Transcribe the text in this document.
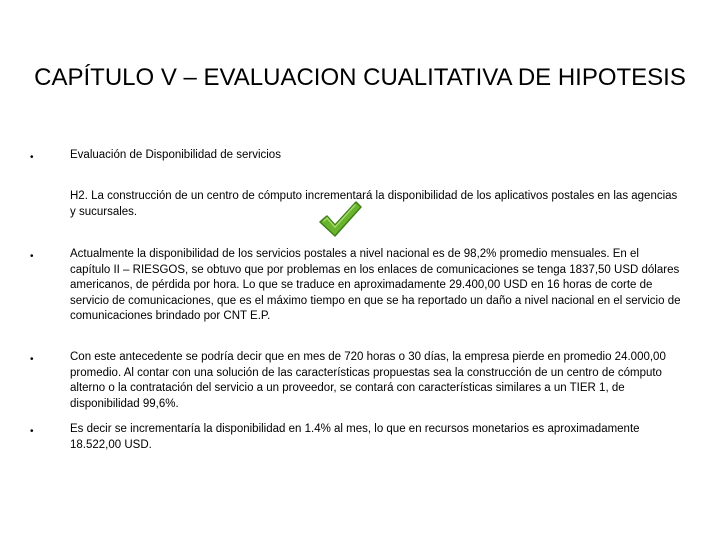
CAPÍTULO V – EVALUACION CUALITATIVA DE HIPOTESIS
•	Evaluación de Disponibilidad de servicios
H2. La construcción de un centro de cómputo incrementará la disponibilidad de los aplicativos postales en las agencias y sucursales.
•	Actualmente la disponibilidad de los servicios postales a nivel nacional es de 98,2% promedio mensuales. En el capítulo II – RIESGOS, se obtuvo que por problemas en los enlaces de comunicaciones se tenga 1837,50 USD dólares americanos, de pérdida por hora. Lo que se traduce en aproximadamente 29.400,00 USD en 16 horas de corte de servicio de comunicaciones, que es el máximo tiempo en que se ha reportado un daño a nivel nacional en el servicio de comunicaciones brindado por CNT E.P.
•	Con este antecedente se podría decir que en mes de 720 horas o 30 días, la empresa pierde en promedio 24.000,00 promedio. Al contar con una solución de las características propuestas sea la construcción de un centro de cómputo alterno o la contratación del servicio a un proveedor, se contará con características similares a un TIER 1, de disponibilidad 99,6%.
•	Es decir se incrementaría la disponibilidad en 1.4% al mes, lo que en recursos monetarios es aproximadamente 18.522,00 USD.
